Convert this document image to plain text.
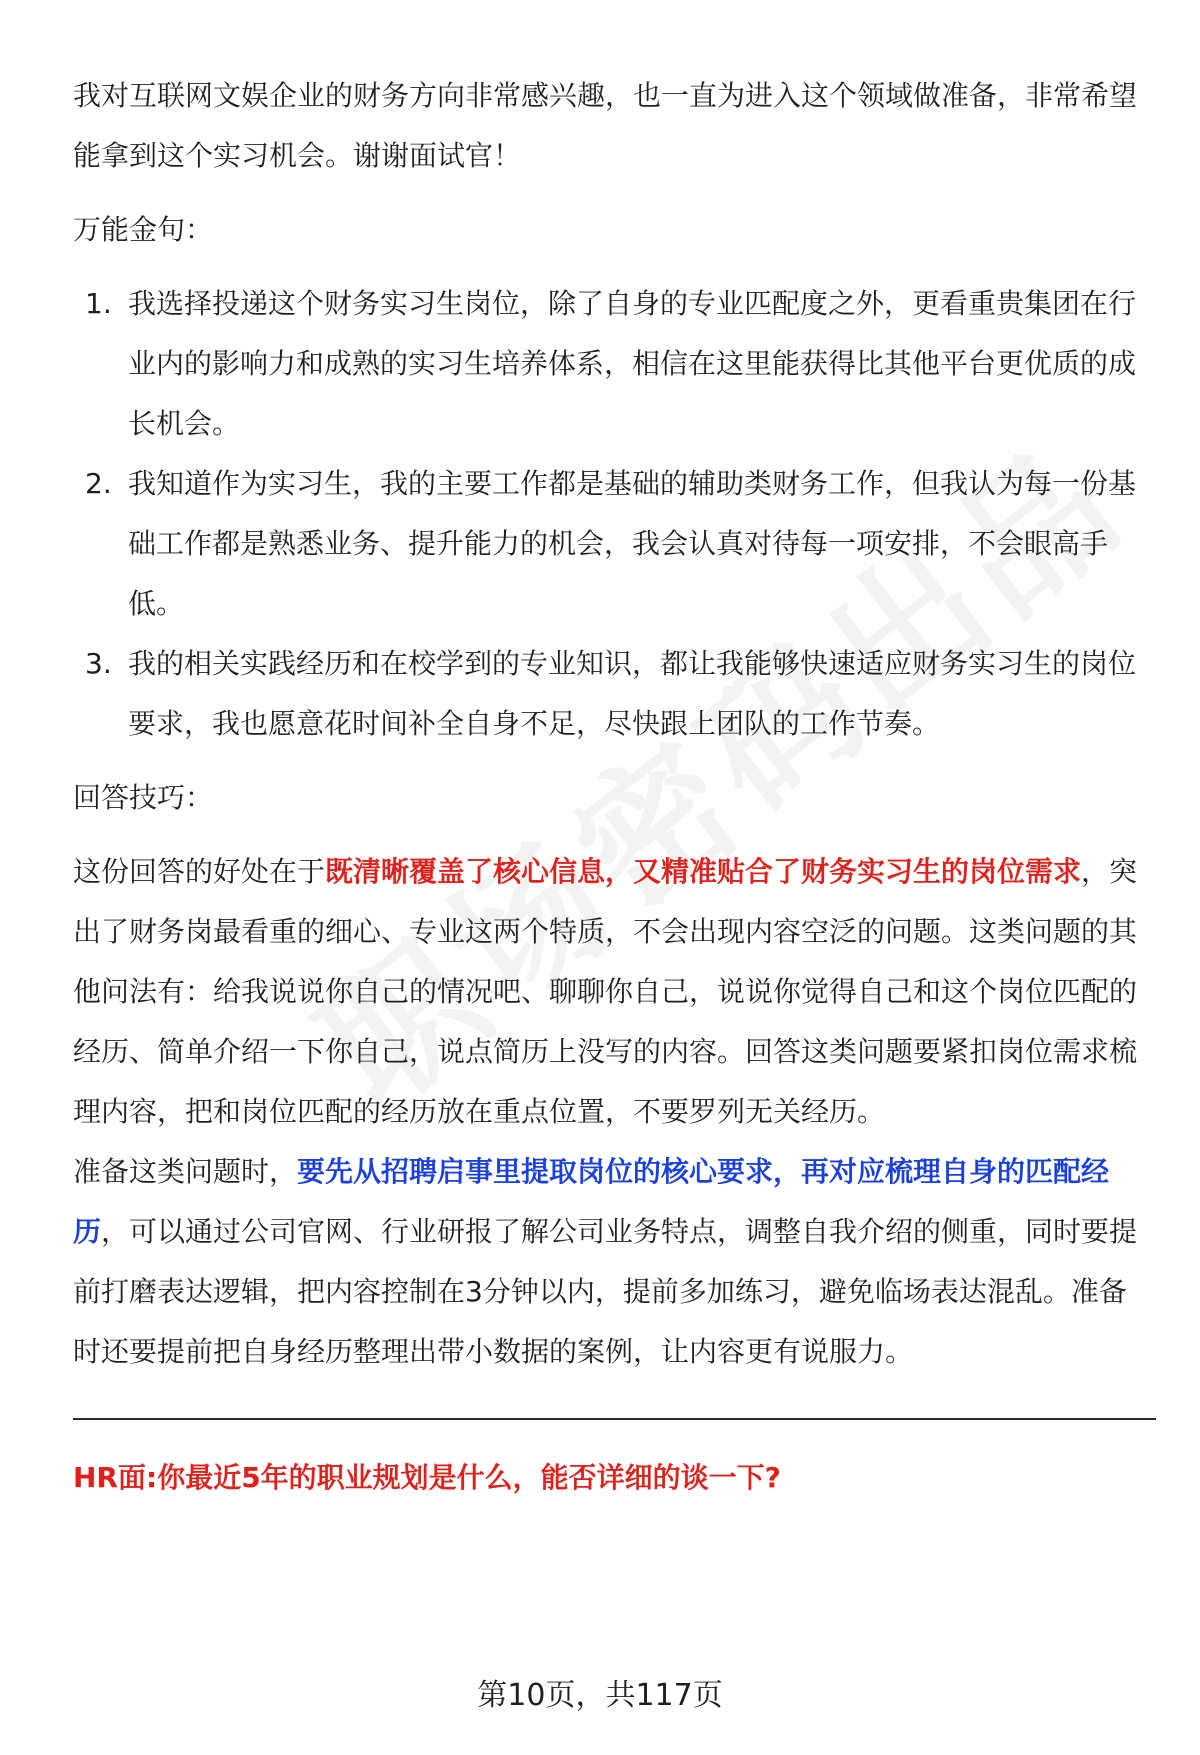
我对互联网文娱企业的财务方向非常感兴趣，也一直为进入这个领域做准备，非常希望能拿到这个实习机会。谢谢面试官！

万能金句：

1. 我选择投递这个财务实习生岗位，除了自身的专业匹配度之外，更看重贵集团在行业内的影响力和成熟的实习生培养体系，相信在这里能获得比其他平台更优质的成长机会。
2. 我知道作为实习生，我的主要工作都是基础的辅助类财务工作，但我认为每一份基础工作都是熟悉业务、提升能力的机会，我会认真对待每一项安排，不会眼高手低。
3. 我的相关实践经历和在校学到的专业知识，都让我能够快速适应财务实习生的岗位要求，我也愿意花时间补全自身不足，尽快跟上团队的工作节奏。

回答技巧：

这份回答的好处在于既清晰覆盖了核心信息，又精准贴合了财务实习生的岗位需求，突出了财务岗最看重的细心、专业这两个特质，不会出现内容空泛的问题。这类问题的其他问法有：给我说说你自己的情况吧、聊聊你自己，说说你觉得自己和这个岗位匹配的经历、简单介绍一下你自己，说点简历上没写的内容。回答这类问题要紧扣岗位需求梳理内容，把和岗位匹配的经历放在重点位置，不要罗列无关经历。

准备这类问题时，要先从招聘启事里提取岗位的核心要求，再对应梳理自身的匹配经历，可以通过公司官网、行业研报了解公司业务特点，调整自我介绍的侧重，同时要提前打磨表达逻辑，把内容控制在3分钟以内，提前多加练习，避免临场表达混乱。准备时还要提前把自身经历整理出带小数据的案例，让内容更有说服力。

HR面:你最近5年的职业规划是什么，能否详细的谈一下?

第10页，共117页
